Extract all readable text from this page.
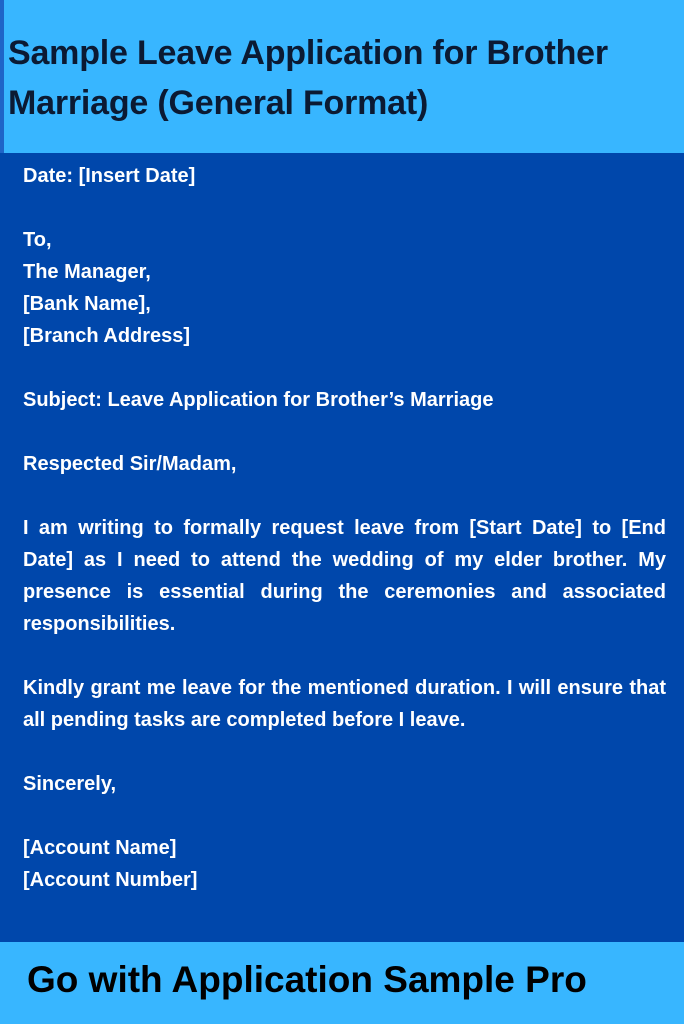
Sample Leave Application for Brother Marriage (General Format)

Date: [Insert Date]

To,
The Manager,
[Bank Name],
[Branch Address]

Subject: Leave Application for Brother’s Marriage

Respected Sir/Madam,

I am writing to formally request leave from [Start Date] to [End Date] as I need to attend the wedding of my elder brother. My presence is essential during the ceremonies and associated responsibilities.

Kindly grant me leave for the mentioned duration. I will ensure that all pending tasks are completed before I leave.

Sincerely,

[Account Name]
[Account Number]

Go with Application Sample Pro
